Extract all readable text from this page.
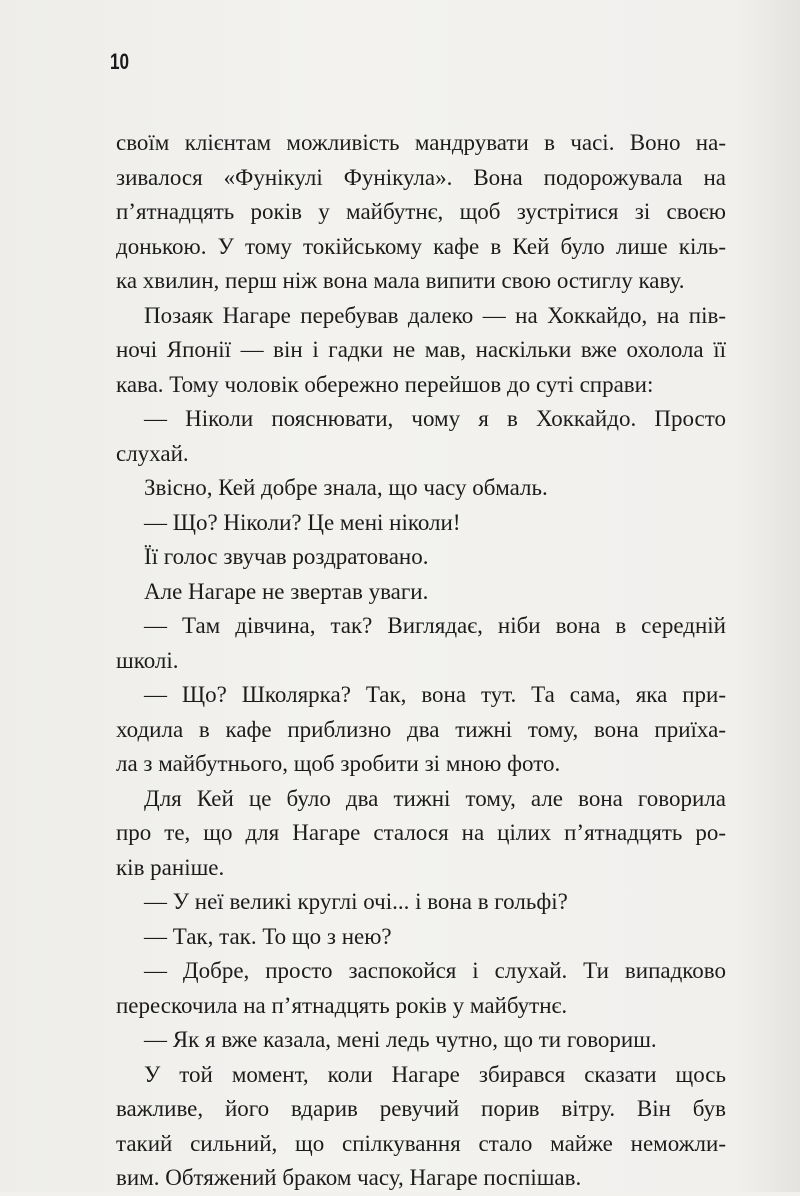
10
своїм клієнтам можливість мандрувати в часі. Воно на-
зивалося «Фунікулі Фунікула». Вона подорожувала на
п’ятнадцять років у майбутнє, щоб зустрітися зі своєю
донькою. У тому токійському кафе в Кей було лише кіль-
ка хвилин, перш ніж вона мала випити свою остиглу каву.
Позаяк Нагаре перебував далеко — на Хоккайдо, на пів-
ночі Японії — він і гадки не мав, наскільки вже охолола її
кава. Тому чоловік обережно перейшов до суті справи:
— Ніколи пояснювати, чому я в Хоккайдо. Просто
слухай.
Звісно, Кей добре знала, що часу обмаль.
— Що? Ніколи? Це мені ніколи!
Її голос звучав роздратовано.
Але Нагаре не звертав уваги.
— Там дівчина, так? Виглядає, ніби вона в середній
школі.
— Що? Школярка? Так, вона тут. Та сама, яка при-
ходила в кафе приблизно два тижні тому, вона приїха-
ла з майбутнього, щоб зробити зі мною фото.
Для Кей це було два тижні тому, але вона говорила
про те, що для Нагаре сталося на цілих п’ятнадцять ро-
ків раніше.
— У неї великі круглі очі... і вона в гольфі?
— Так, так. То що з нею?
— Добре, просто заспокойся і слухай. Ти випадково
перескочила на п’ятнадцять років у майбутнє.
— Як я вже казала, мені ледь чутно, що ти говориш.
У той момент, коли Нагаре збирався сказати щось
важливе, його вдарив ревучий порив вітру. Він був
такий сильний, що спілкування стало майже неможли-
вим. Обтяжений браком часу, Нагаре поспішав.
